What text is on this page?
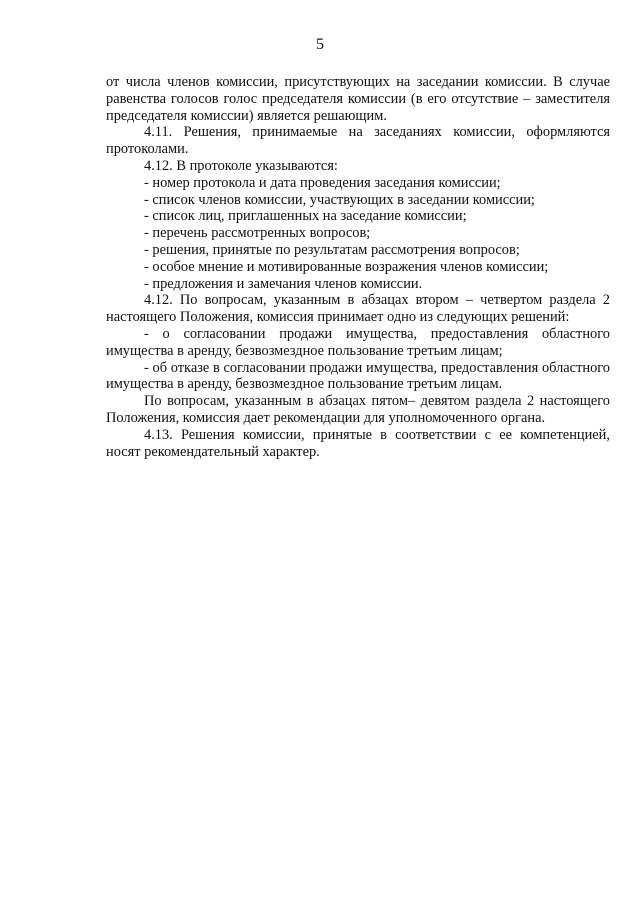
5

от числа членов комиссии, присутствующих на заседании комиссии. В случае равенства голосов голос председателя комиссии (в его отсутствие – заместителя председателя комиссии) является решающим.

4.11. Решения, принимаемые на заседаниях комиссии, оформляются протоколами.

4.12. В протоколе указываются:

- номер протокола и дата проведения заседания комиссии;

- список членов комиссии, участвующих в заседании комиссии;

- список лиц, приглашенных на заседание комиссии;

- перечень рассмотренных вопросов;

- решения, принятые по результатам рассмотрения вопросов;

- особое мнение и мотивированные возражения членов комиссии;

- предложения и замечания членов комиссии.

4.12. По вопросам, указанным в абзацах втором – четвертом раздела 2 настоящего Положения, комиссия принимает одно из следующих решений:

- о согласовании продажи имущества, предоставления областного имущества в аренду, безвозмездное пользование третьим лицам;

- об отказе в согласовании продажи имущества, предоставления областного имущества в аренду, безвозмездное пользование третьим лицам.

По вопросам, указанным в абзацах пятом– девятом раздела 2 настоящего Положения, комиссия дает рекомендации для уполномоченного органа.

4.13. Решения комиссии, принятые в соответствии с ее компетенцией, носят рекомендательный характер.
